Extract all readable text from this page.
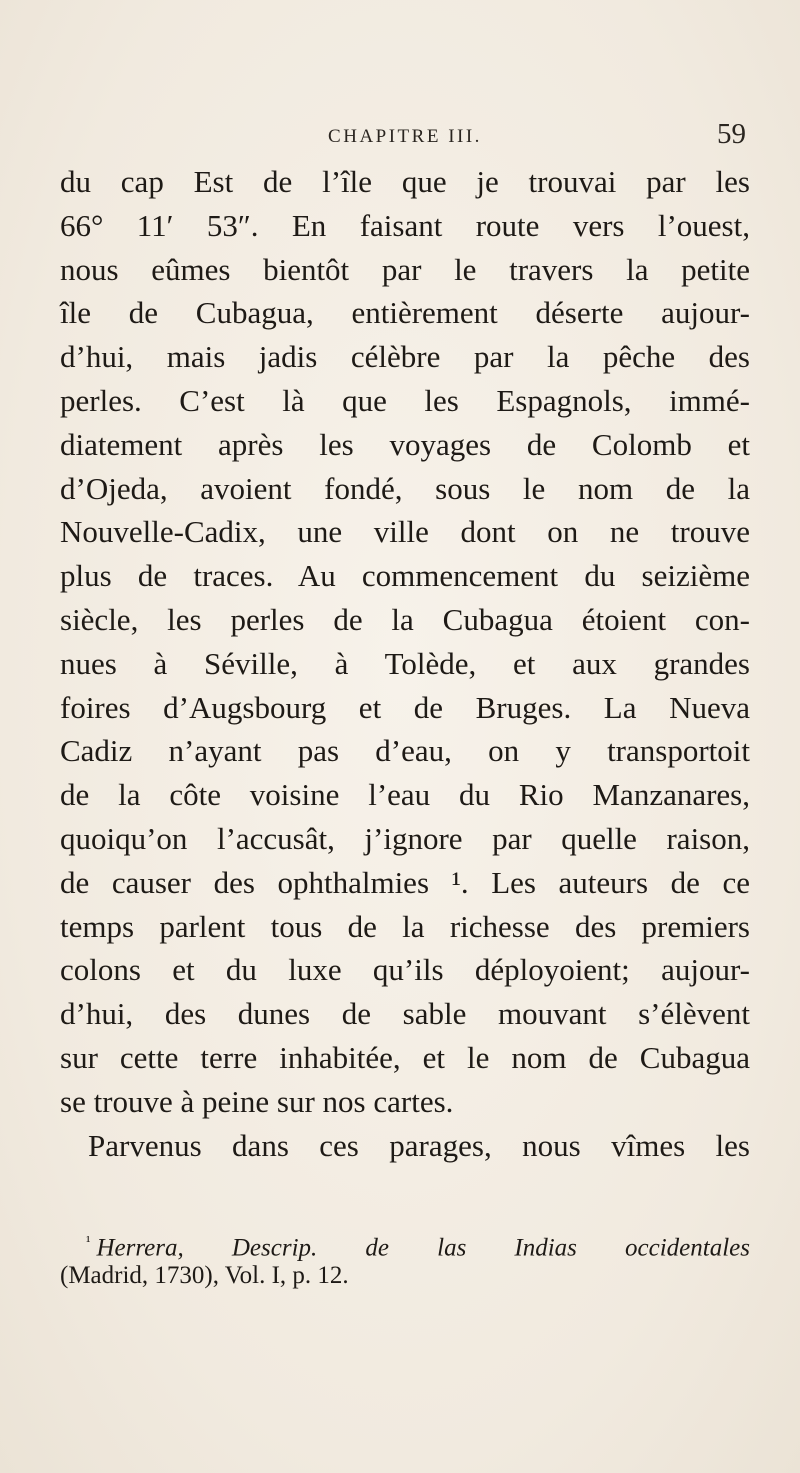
CHAPITRE III.	59
du cap Est de l’île que je trouvai par les
66° 11′ 53″. En faisant route vers l’ouest,
nous eûmes bientôt par le travers la petite
île de Cubagua, entièrement déserte aujour-
d’hui, mais jadis célèbre par la pêche des
perles. C’est là que les Espagnols, immé-
diatement après les voyages de Colomb et
d’Ojeda, avoient fondé, sous le nom de la
Nouvelle-Cadix, une ville dont on ne trouve
plus de traces. Au commencement du seizième
siècle, les perles de la Cubagua étoient con-
nues à Séville, à Tolède, et aux grandes
foires d’Augsbourg et de Bruges. La Nueva
Cadiz n’ayant pas d’eau, on y transportoit
de la côte voisine l’eau du Rio Manzanares,
quoiqu’on l’accusât, j’ignore par quelle raison,
de causer des ophthalmies ¹. Les auteurs de ce
temps parlent tous de la richesse des premiers
colons et du luxe qu’ils déployoient; aujour-
d’hui, des dunes de sable mouvant s’élèvent
sur cette terre inhabitée, et le nom de Cubagua
se trouve à peine sur nos cartes.
Parvenus dans ces parages, nous vîmes les
$^{^1}$ Herrera, Descrip. de las Indias occidentales
(Madrid, 1730), Vol. I, p. 12.
